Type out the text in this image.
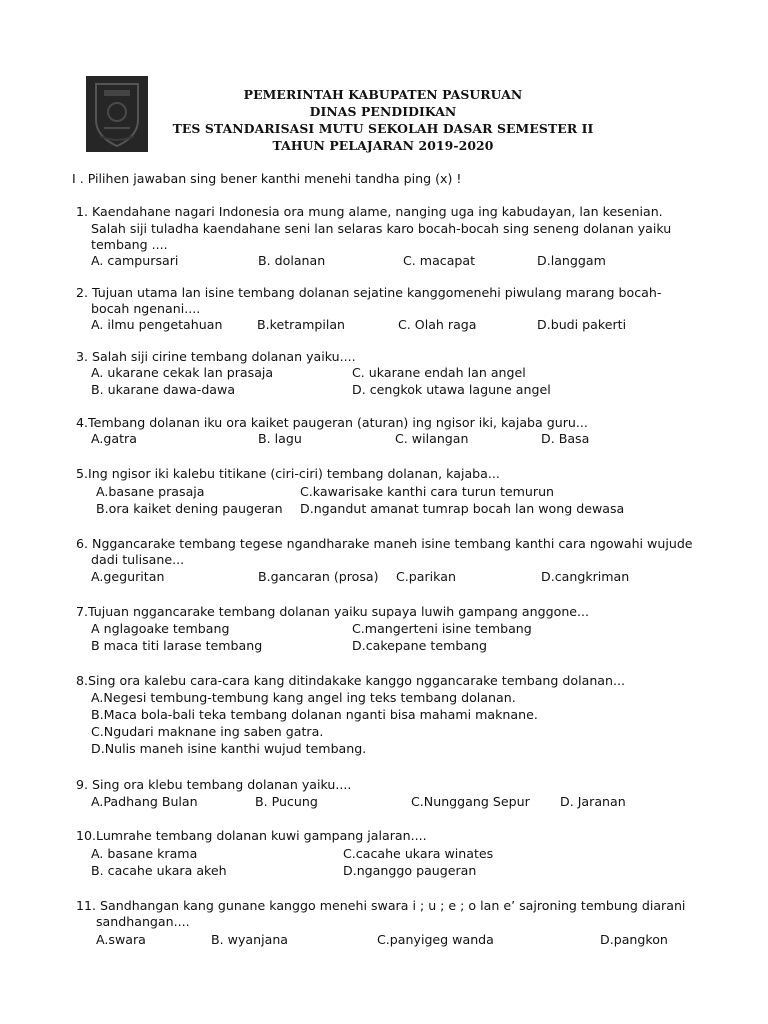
PEMERINTAH KABUPATEN PASURUAN
DINAS PENDIDIKAN
TES STANDARISASI MUTU SEKOLAH DASAR SEMESTER II
TAHUN PELAJARAN 2019-2020
I . Pilihen jawaban sing bener kanthi menehi tandha ping (x) !
1. Kaendahane nagari Indonesia ora mung alame, nanging uga ing kabudayan, lan kesenian.
Salah siji tuladha kaendahane seni lan selaras karo bocah-bocah sing seneng dolanan yaiku
tembang ....
A. campursari	B. dolanan	C. macapat	D.langgam
2. Tujuan utama lan isine tembang dolanan sejatine kanggomenehi piwulang marang bocah-
bocah ngenani....
A. ilmu pengetahuan	B.ketrampilan	C. Olah raga	D.budi pakerti
3. Salah siji cirine tembang dolanan yaiku....
A. ukarane cekak lan prasaja	C. ukarane endah lan angel
B. ukarane dawa-dawa	D. cengkok utawa lagune angel
4.Tembang dolanan iku ora kaiket paugeran (aturan) ing ngisor iki, kajaba guru...
A.gatra	B. lagu	C. wilangan	D. Basa
5.Ing ngisor iki kalebu titikane (ciri-ciri) tembang dolanan, kajaba...
A.basane prasaja	C.kawarisake kanthi cara turun temurun
B.ora kaiket dening paugeran D.ngandut amanat tumrap bocah lan wong dewasa
6. Nggancarake tembang tegese ngandharake maneh isine tembang kanthi cara ngowahi wujude
dadi tulisane...
A.geguritan	B.gancaran (prosa) C.parikan	D.cangkriman
7.Tujuan nggancarake tembang dolanan yaiku supaya luwih gampang anggone...
A nglagoake tembang	C.mangerteni isine tembang
B maca titi larase tembang	D.cakepane tembang
8.Sing ora kalebu cara-cara kang ditindakake kanggo nggancarake tembang dolanan...
A.Negesi tembung-tembung kang angel ing teks tembang dolanan.
B.Maca bola-bali teka tembang dolanan nganti bisa mahami maknane.
C.Ngudari maknane ing saben gatra.
D.Nulis maneh isine kanthi wujud tembang.
9. Sing ora klebu tembang dolanan yaiku....
A.Padhang Bulan	B. Pucung	C.Nunggang Sepur D. Jaranan
10.Lumrahe tembang dolanan kuwi gampang jalaran....
A. basane krama	C.cacahe ukara winates
B. cacahe ukara akeh	D.nganggo paugeran
11. Sandhangan kang gunane kanggo menehi swara i ; u ; e ; o lan e’ sajroning tembung diarani
sandhangan....
A.swara	B. wyanjana	C.panyigeg wanda	D.pangkon
